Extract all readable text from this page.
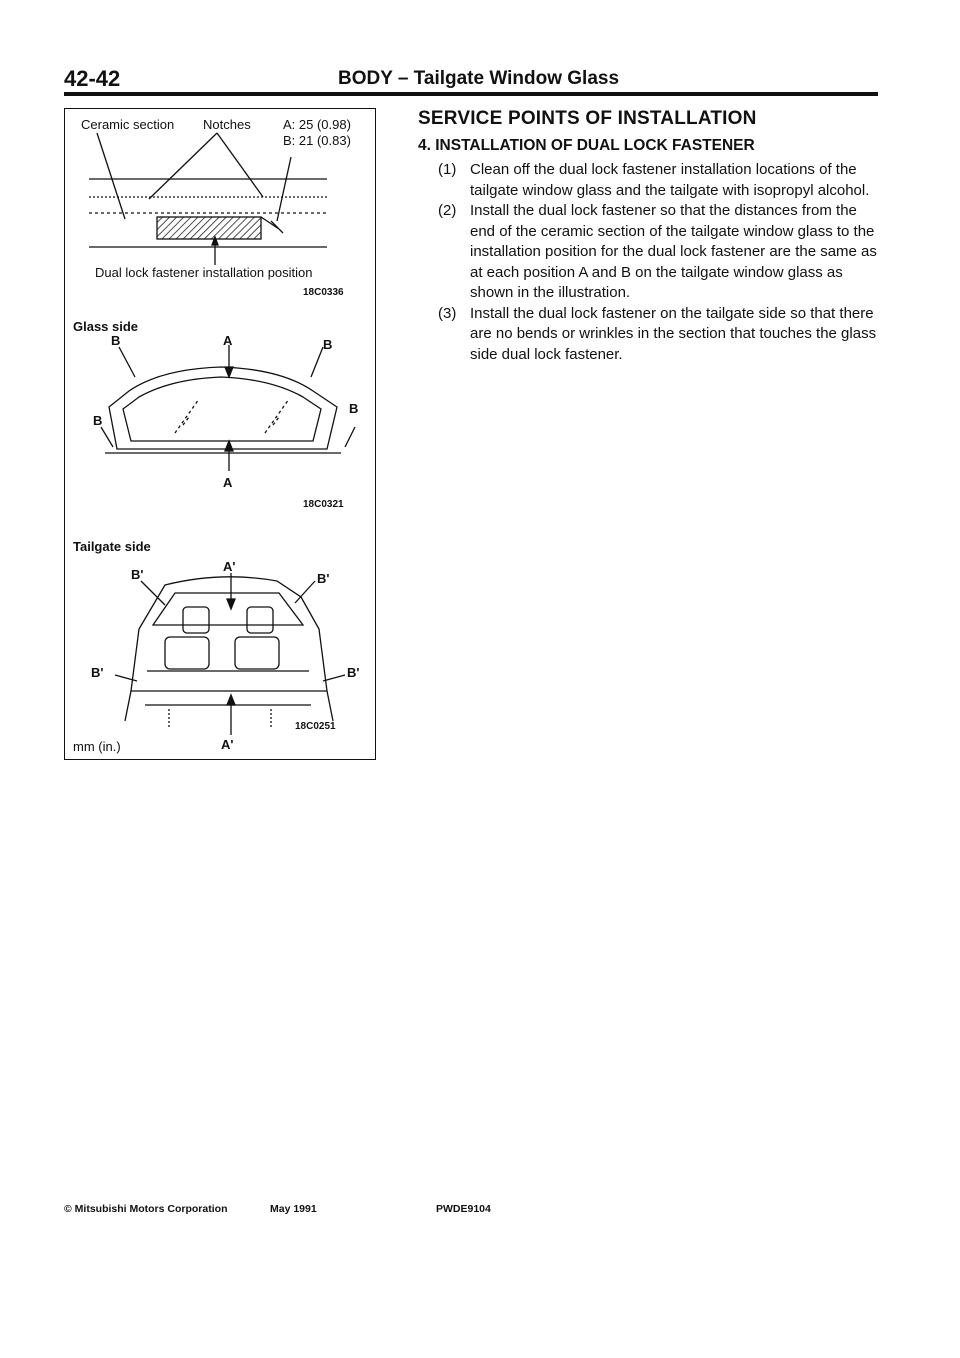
42-42	BODY – Tailgate Window Glass
Ceramic section Notches A: 25 (0.98)
B: 21 (0.83)
Dual lock fastener installation position
18C0336
Glass side
A
A
B	B
B
B
18C0321
Tailgate side
A'
A'
B'	B'
B'	B'
18C0251
mm (in.)
SERVICE POINTS OF INSTALLATION
4. INSTALLATION OF DUAL LOCK FASTENER
(1) Clean off the dual lock fastener installation locations of the tailgate window glass and the tailgate with isopropyl alcohol.
(2) Install the dual lock fastener so that the distances from the end of the ceramic section of the tailgate window glass to the installation position for the dual lock fastener are the same as at each position A and B on the tailgate window glass as shown in the illustration.
(3) Install the dual lock fastener on the tailgate side so that there are no bends or wrinkles in the section that touches the glass side dual lock fastener.
© Mitsubishi Motors Corporation	May 1991	PWDE9104
